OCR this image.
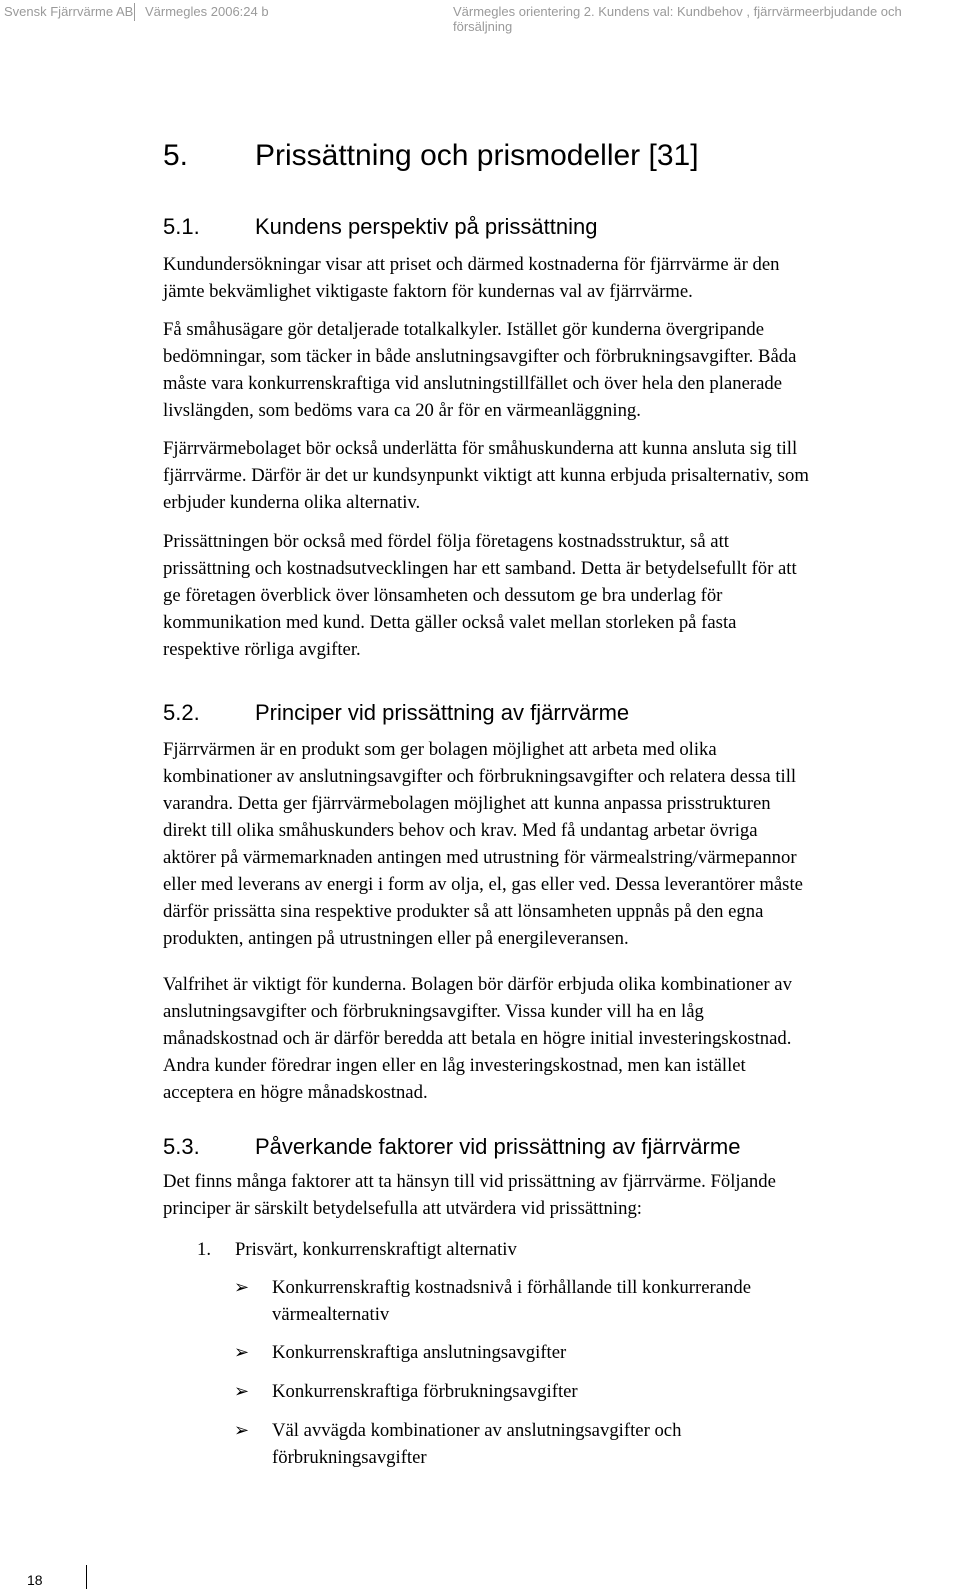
Svensk Fjärrvärme AB Värmegles 2006:24 b	Värmegles orientering 2. Kundens val: Kundbehov , fjärrvärmeerbjudande och försäljning
5. Prissättning och prismodeller [31]
5.1.	Kundens perspektiv på prissättning
Kundundersökningar visar att priset och därmed kostnaderna för fjärrvärme är den
jämte bekvämlighet viktigaste faktorn för kundernas val av fjärrvärme.
Få småhusägare gör detaljerade totalkalkyler. Istället gör kunderna övergripande
bedömningar, som täcker in både anslutningsavgifter och förbrukningsavgifter. Båda
måste vara konkurrenskraftiga vid anslutningstillfället och över hela den planerade
livslängden, som bedöms vara ca 20 år för en värmeanläggning.
Fjärrvärmebolaget bör också underlätta för småhuskunderna att kunna ansluta sig till
fjärrvärme. Därför är det ur kundsynpunkt viktigt att kunna erbjuda prisalternativ, som
erbjuder kunderna olika alternativ.
Prissättningen bör också med fördel följa företagens kostnadsstruktur, så att
prissättning och kostnadsutvecklingen har ett samband. Detta är betydelsefullt för att
ge företagen överblick över lönsamheten och dessutom ge bra underlag för
kommunikation med kund. Detta gäller också valet mellan storleken på fasta
respektive rörliga avgifter.
5.2.	Principer vid prissättning av fjärrvärme
Fjärrvärmen är en produkt som ger bolagen möjlighet att arbeta med olika
kombinationer av anslutningsavgifter och förbrukningsavgifter och relatera dessa till
varandra. Detta ger fjärrvärmebolagen möjlighet att kunna anpassa prisstrukturen
direkt till olika småhuskunders behov och krav. Med få undantag arbetar övriga
aktörer på värmemarknaden antingen med utrustning för värmealstring/värmepannor
eller med leverans av energi i form av olja, el, gas eller ved. Dessa leverantörer måste
därför prissätta sina respektive produkter så att lönsamheten uppnås på den egna
produkten, antingen på utrustningen eller på energileveransen.
Valfrihet är viktigt för kunderna. Bolagen bör därför erbjuda olika kombinationer av
anslutningsavgifter och förbrukningsavgifter. Vissa kunder vill ha en låg
månadskostnad och är därför beredda att betala en högre initial investeringskostnad.
Andra kunder föredrar ingen eller en låg investeringskostnad, men kan istället
acceptera en högre månadskostnad.
5.3.	Påverkande faktorer vid prissättning av fjärrvärme
Det finns många faktorer att ta hänsyn till vid prissättning av fjärrvärme. Följande
principer är särskilt betydelsefulla att utvärdera vid prissättning:
1. Prisvärt, konkurrenskraftigt alternativ
➢ Konkurrenskraftig kostnadsnivå i förhållande till konkurrerande
värmealternativ
➢ Konkurrenskraftiga anslutningsavgifter
➢ Konkurrenskraftiga förbrukningsavgifter
➢ Väl avvägda kombinationer av anslutningsavgifter och
förbrukningsavgifter
18
